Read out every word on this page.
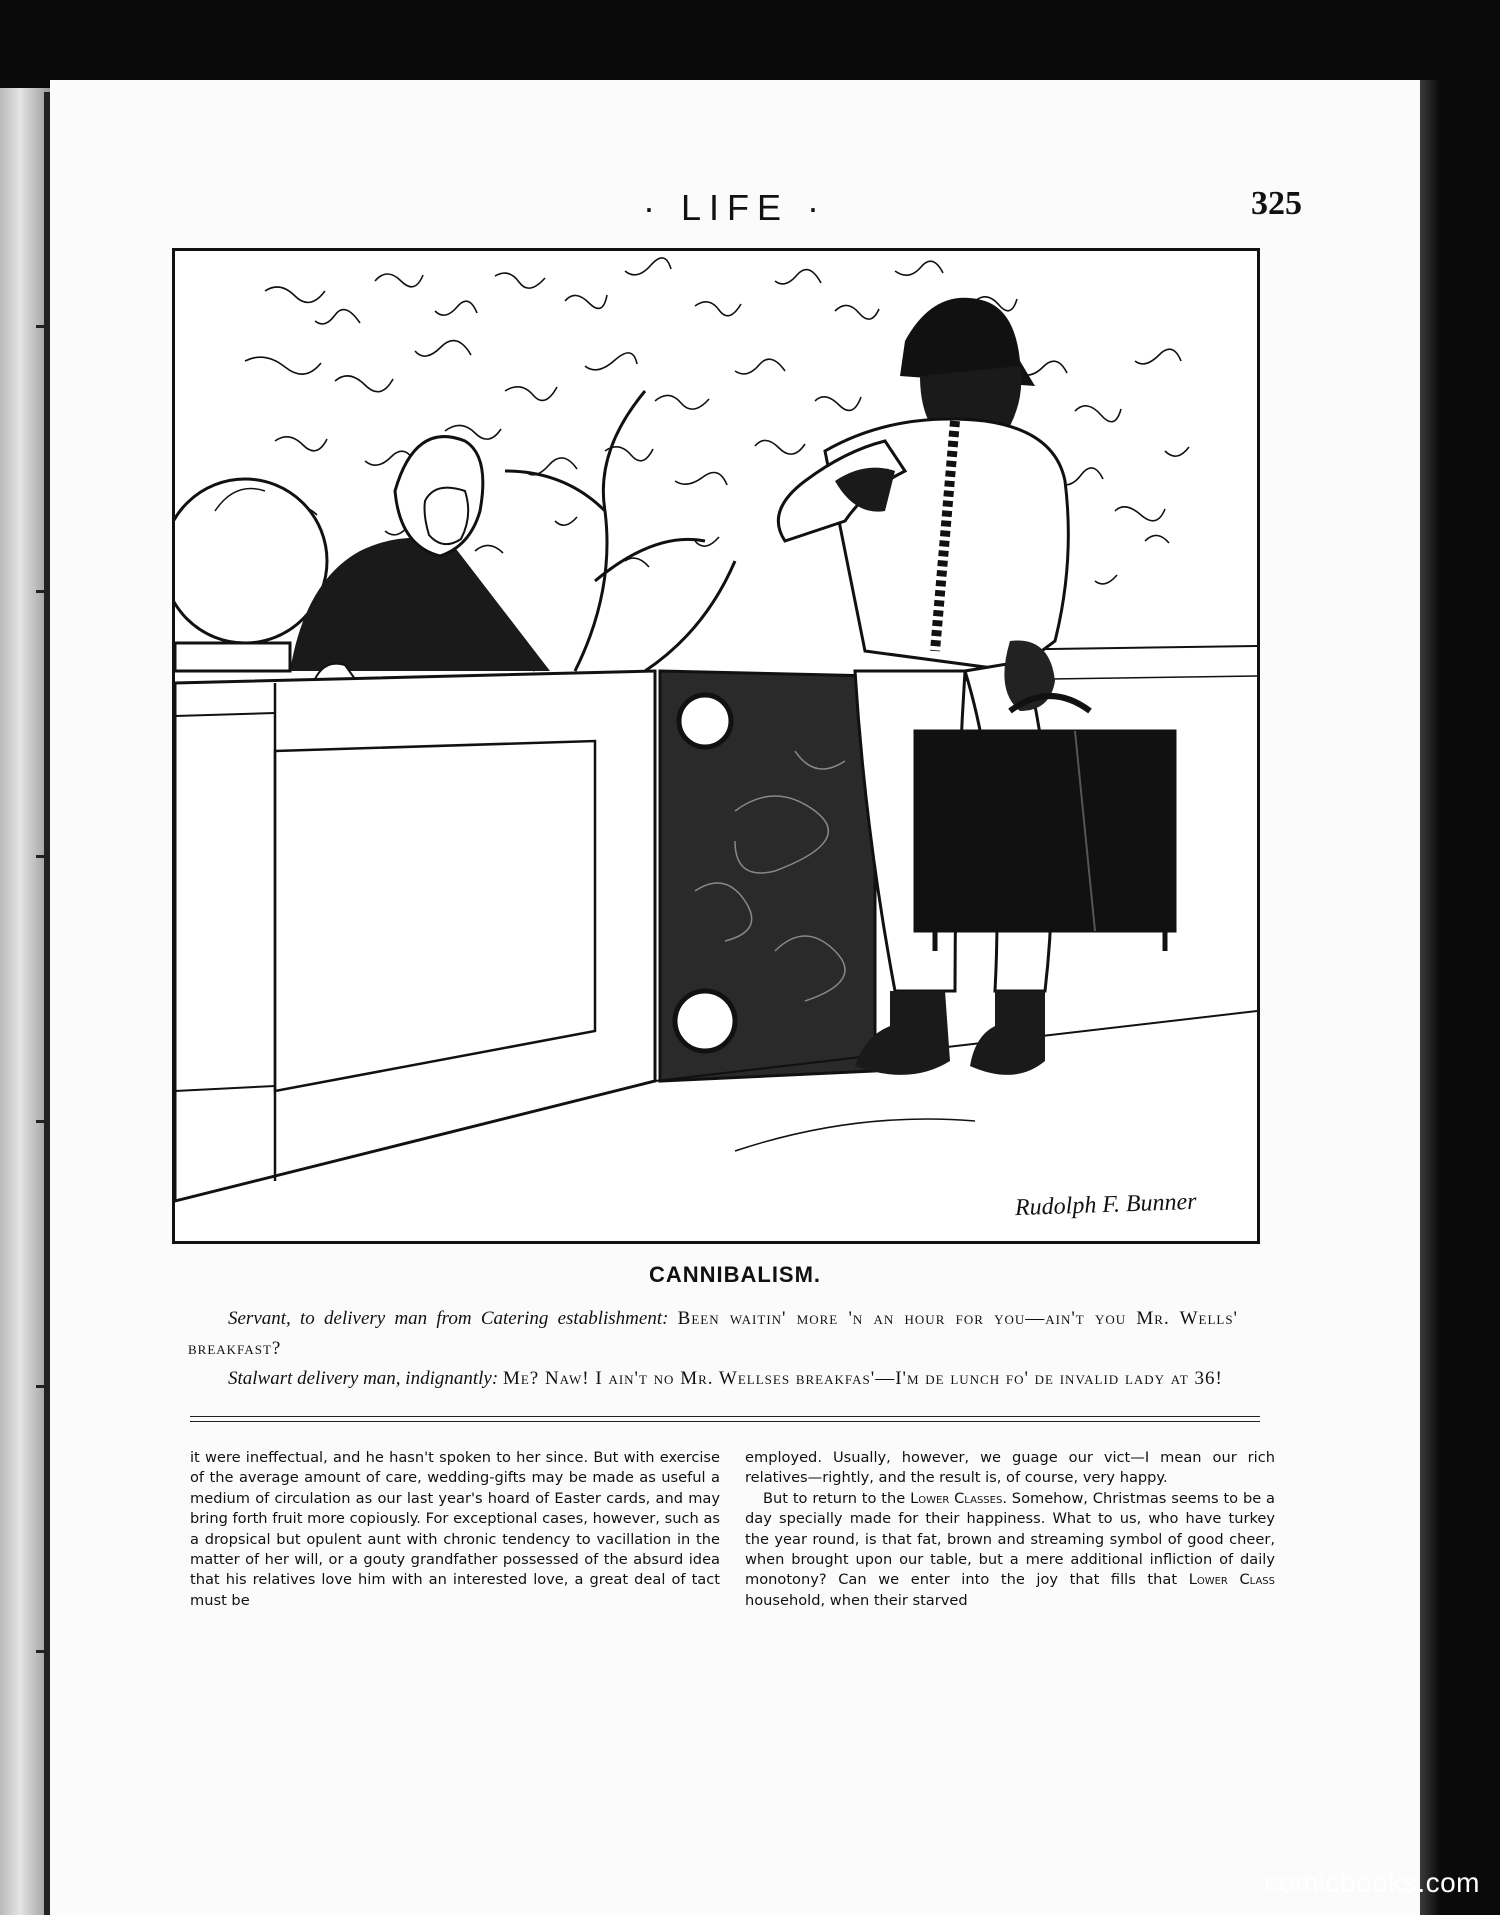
· LIFE ·	325
Rudolph F. Bunner
CANNIBALISM.

Servant, to delivery man from Catering establishment: Been waitin' more 'n an hour for you—ain't you Mr. Wells' breakfast?

Stalwart delivery man, indignantly: Me? Naw! I ain't no Mr. Wellses breakfas'—I'm de lunch fo' de invalid lady at 36!

it were ineffectual, and he hasn't spoken to her since. But with exercise of the average amount of care, wedding-gifts may be made as useful a medium of circulation as our last year's hoard of Easter cards, and may bring forth fruit more copiously. For exceptional cases, however, such as a dropsical but opulent aunt with chronic tendency to vacillation in the matter of her will, or a gouty grandfather possessed of the absurd idea that his relatives love him with an interested love, a great deal of tact must be

employed. Usually, however, we guage our vict—I mean our rich relatives—rightly, and the result is, of course, very happy.

But to return to the Lower Classes. Somehow, Christmas seems to be a day specially made for their happiness. What to us, who have turkey the year round, is that fat, brown and streaming symbol of good cheer, when brought upon our table, but a mere additional infliction of daily monotony? Can we enter into the joy that fills that Lower Class household, when their starved

comicbooks.com
